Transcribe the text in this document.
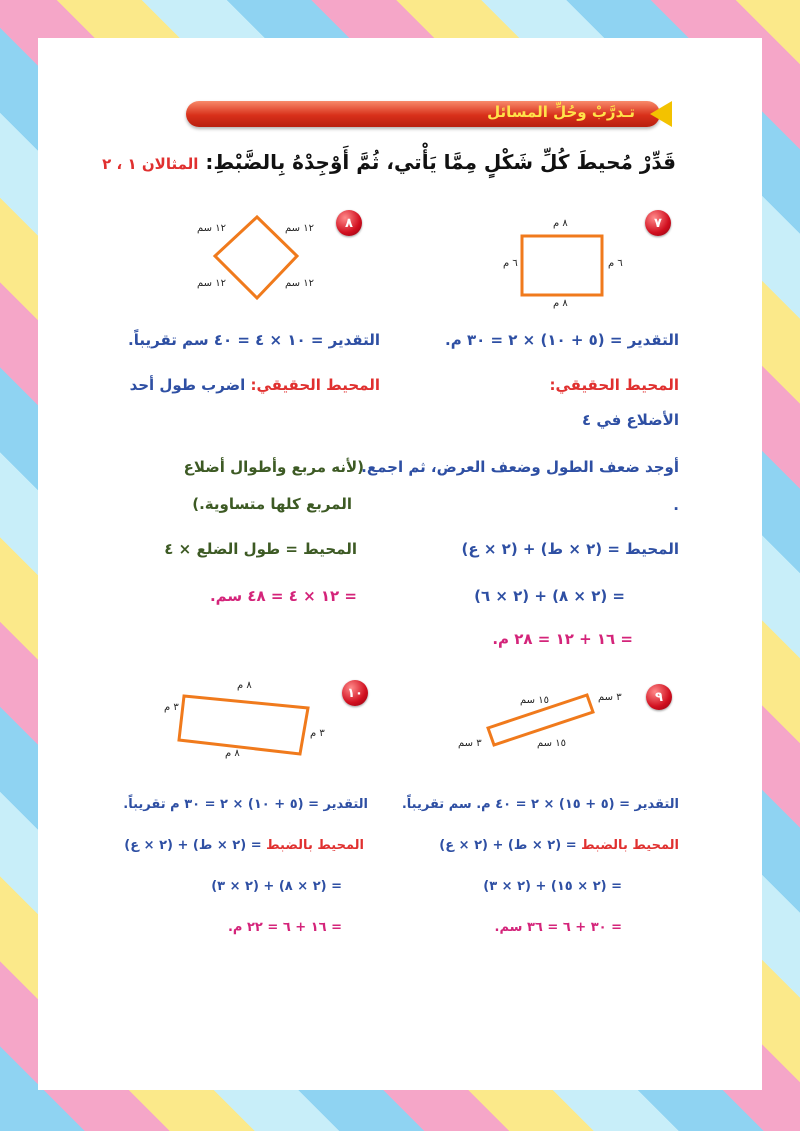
تـدرَّبْ وحُلِّ المسائل
قَدِّرْ مُحيطَ كُلِّ شَكْلٍ مِمَّا يَأْتي، ثُمَّ أَوْجِدْهُ بِالضَّبْطِ: المثالان ١ ، ٢
٧
٨ م
٨ م
٦ م	٦ م
٨
١٢ سم	١٢ سم
١٢ سم	١٢ سم
التقدير = (٥ + ١٠) × ٢ = ٣٠ م.
التقدير = ١٠ × ٤ = ٤٠ سم تقريباً.
المحيط الحقيقي:
المحيط الحقيقي: اضرب طول أحد
الأضلاع في ٤
أوجد ضعف الطول وضعف العرض، ثم اجمع.
(لأنه مربع وأطوال أضلاع
المربع كلها متساوية.)	.
المحيط = (٢ × ط) + (٢ × ع)
المحيط = طول الضلع × ٤
= (٢ × ٨) + (٢ × ٦)
= ١٢ × ٤ = ٤٨ سم.
= ١٦ + ١٢ = ٢٨ م.
٩
١٥ سم
١٥ سم
٣ سم
٣ سم
١٠
٨ م
٨ م
٣ م
٣ م
التقدير = (٥ + ١٥) × ٢ = ٤٠ م. سم تقريباً.
التقدير = (٥ + ١٠) × ٢ = ٣٠ م تقريباً.
المحيط بالضبط = (٢ × ط) + (٢ × ع)
المحيط بالضبط = (٢ × ط) + (٢ × ع)
= (٢ × ١٥) + (٢ × ٣)
= (٢ × ٨) + (٢ × ٣)
= ٣٠ + ٦ = ٣٦ سم.
= ١٦ + ٦ = ٢٢ م.
